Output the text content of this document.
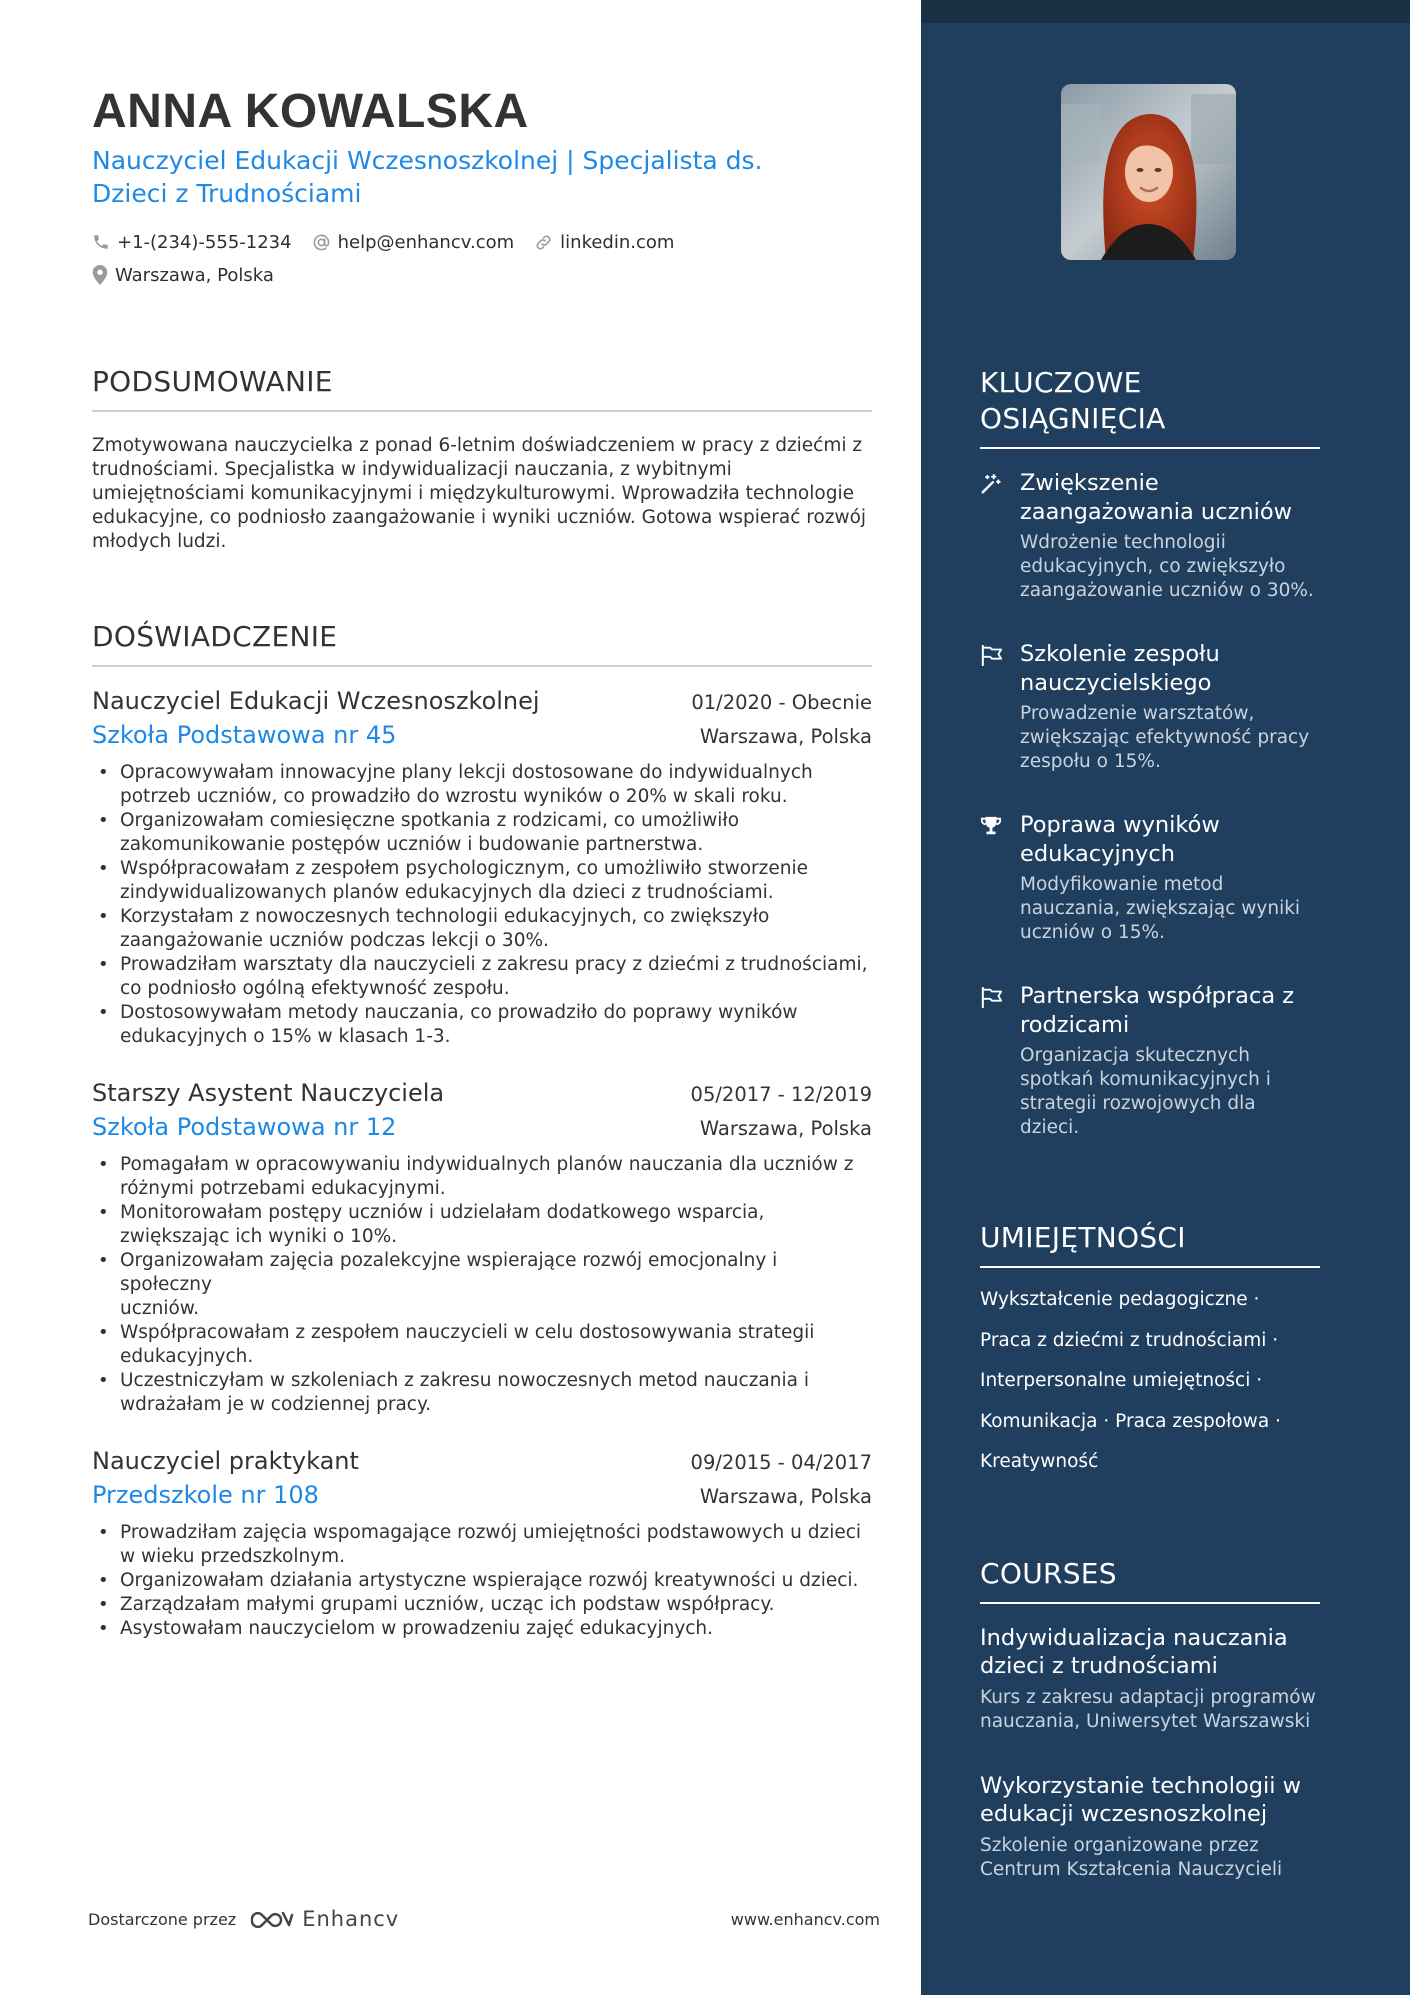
ANNA KOWALSKA
Nauczyciel Edukacji Wczesnoszkolnej | Specjalista ds.
Dzieci z Trudnościami
+1-(234)-555-1234	help@enhancv.com	linkedin.com
Warszawa, Polska
PODSUMOWANIE
Zmotywowana nauczycielka z ponad 6-letnim doświadczeniem w pracy z dziećmi z
trudnościami. Specjalistka w indywidualizacji nauczania, z wybitnymi
umiejętnościami komunikacyjnymi i międzykulturowymi. Wprowadziła technologie
edukacyjne, co podniosło zaangażowanie i wyniki uczniów. Gotowa wspierać rozwój
młodych ludzi.
DOŚWIADCZENIE
Nauczyciel Edukacji Wczesnoszkolnej	01/2020 - Obecnie
Szkoła Podstawowa nr 45	Warszawa, Polska
• Opracowywałam innowacyjne plany lekcji dostosowane do indywidualnych
potrzeb uczniów, co prowadziło do wzrostu wyników o 20% w skali roku.
• Organizowałam comiesięczne spotkania z rodzicami, co umożliwiło
zakomunikowanie postępów uczniów i budowanie partnerstwa.
• Współpracowałam z zespołem psychologicznym, co umożliwiło stworzenie
zindywidualizowanych planów edukacyjnych dla dzieci z trudnościami.
• Korzystałam z nowoczesnych technologii edukacyjnych, co zwiększyło
zaangażowanie uczniów podczas lekcji o 30%.
• Prowadziłam warsztaty dla nauczycieli z zakresu pracy z dziećmi z trudnościami,
co podniosło ogólną efektywność zespołu.
• Dostosowywałam metody nauczania, co prowadziło do poprawy wyników
edukacyjnych o 15% w klasach 1-3.
Starszy Asystent Nauczyciela	05/2017 - 12/2019
Szkoła Podstawowa nr 12	Warszawa, Polska
• Pomagałam w opracowywaniu indywidualnych planów nauczania dla uczniów z
różnymi potrzebami edukacyjnymi.
• Monitorowałam postępy uczniów i udzielałam dodatkowego wsparcia,
zwiększając ich wyniki o 10%.
• Organizowałam zajęcia pozalekcyjne wspierające rozwój emocjonalny i społeczny
uczniów.
• Współpracowałam z zespołem nauczycieli w celu dostosowywania strategii
edukacyjnych.
• Uczestniczyłam w szkoleniach z zakresu nowoczesnych metod nauczania i
wdrażałam je w codziennej pracy.
Nauczyciel praktykant	09/2015 - 04/2017
Przedszkole nr 108	Warszawa, Polska
• Prowadziłam zajęcia wspomagające rozwój umiejętności podstawowych u dzieci
w wieku przedszkolnym.
• Organizowałam działania artystyczne wspierające rozwój kreatywności u dzieci.
• Zarządzałam małymi grupami uczniów, ucząc ich podstaw współpracy.
• Asystowałam nauczycielom w prowadzeniu zajęć edukacyjnych.
Dostarczone przez	Enhancv	www.enhancv.com
KLUCZOWE
OSIĄGNIĘCIA
Zwiększenie
zaangażowania uczniów
Wdrożenie technologii
edukacyjnych, co zwiększyło
zaangażowanie uczniów o 30%.
Szkolenie zespołu
nauczycielskiego
Prowadzenie warsztatów,
zwiększając efektywność pracy
zespołu o 15%.
Poprawa wyników
edukacyjnych
Modyfikowanie metod
nauczania, zwiększając wyniki
uczniów o 15%.
Partnerska współpraca z
rodzicami
Organizacja skutecznych
spotkań komunikacyjnych i
strategii rozwojowych dla
dzieci.
UMIEJĘTNOŚCI
Wykształcenie pedagogiczne ·
Praca z dziećmi z trudnościami ·
Interpersonalne umiejętności ·
Komunikacja · Praca zespołowa ·
Kreatywność
COURSES
Indywidualizacja nauczania
dzieci z trudnościami
Kurs z zakresu adaptacji programów
nauczania, Uniwersytet Warszawski
Wykorzystanie technologii w
edukacji wczesnoszkolnej
Szkolenie organizowane przez
Centrum Kształcenia Nauczycieli
